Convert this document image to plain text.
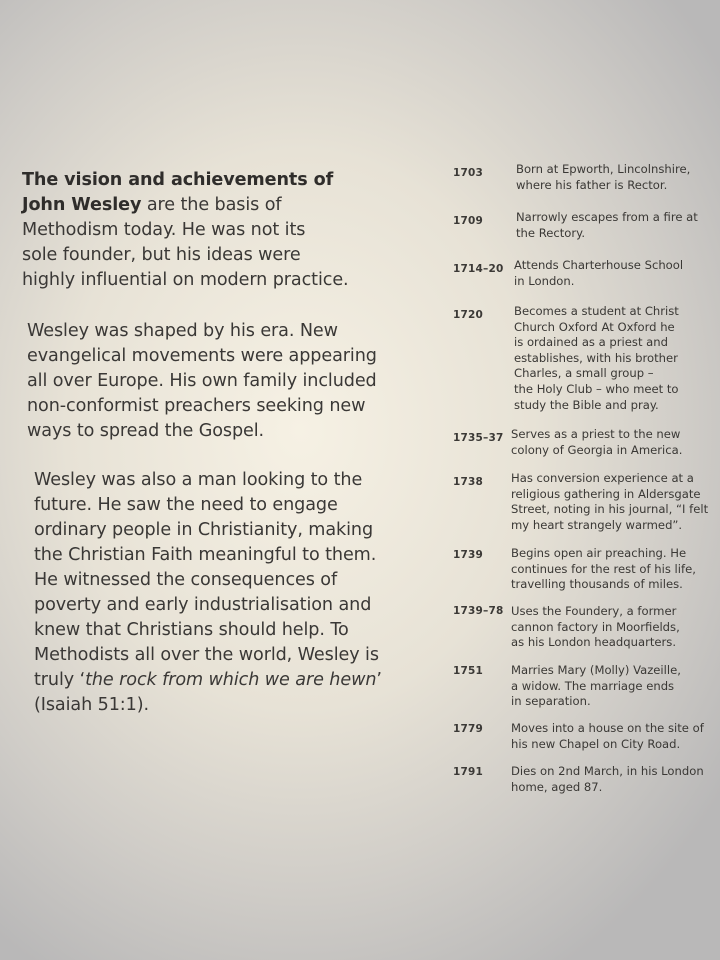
The vision and achievements of
John Wesley are the basis of
Methodism today. He was not its
sole founder, but his ideas were
highly influential on modern practice.

Wesley was shaped by his era. New
evangelical movements were appearing
all over Europe. His own family included
non-conformist preachers seeking new
ways to spread the Gospel.

Wesley was also a man looking to the
future. He saw the need to engage
ordinary people in Christianity, making
the Christian Faith meaningful to them.
He witnessed the consequences of
poverty and early industrialisation and
knew that Christians should help. To
Methodists all over the world, Wesley is
truly ‘the rock from which we are hewn’
(Isaiah 51:1).

1703	Born at Epworth, Lincolnshire,
where his father is Rector.
1709	Narrowly escapes from a fire at
the Rectory.
1714–20 Attends Charterhouse School
in London.
1720	Becomes a student at Christ
Church Oxford At Oxford he
is ordained as a priest and
establishes, with his brother
Charles, a small group –
the Holy Club – who meet to
study the Bible and pray.
1735–37 Serves as a priest to the new
colony of Georgia in America.
1738 Has conversion experience at a
religious gathering in Aldersgate
Street, noting in his journal, “I felt
my heart strangely warmed”.
1739 Begins open air preaching. He
continues for the rest of his life,
travelling thousands of miles.
1739–78 Uses the Foundery, a former
cannon factory in Moorfields,
as his London headquarters.
1751 Marries Mary (Molly) Vazeille,
a widow. The marriage ends
in separation.
1779 Moves into a house on the site of
his new Chapel on City Road.
1791 Dies on 2nd March, in his London
home, aged 87.
